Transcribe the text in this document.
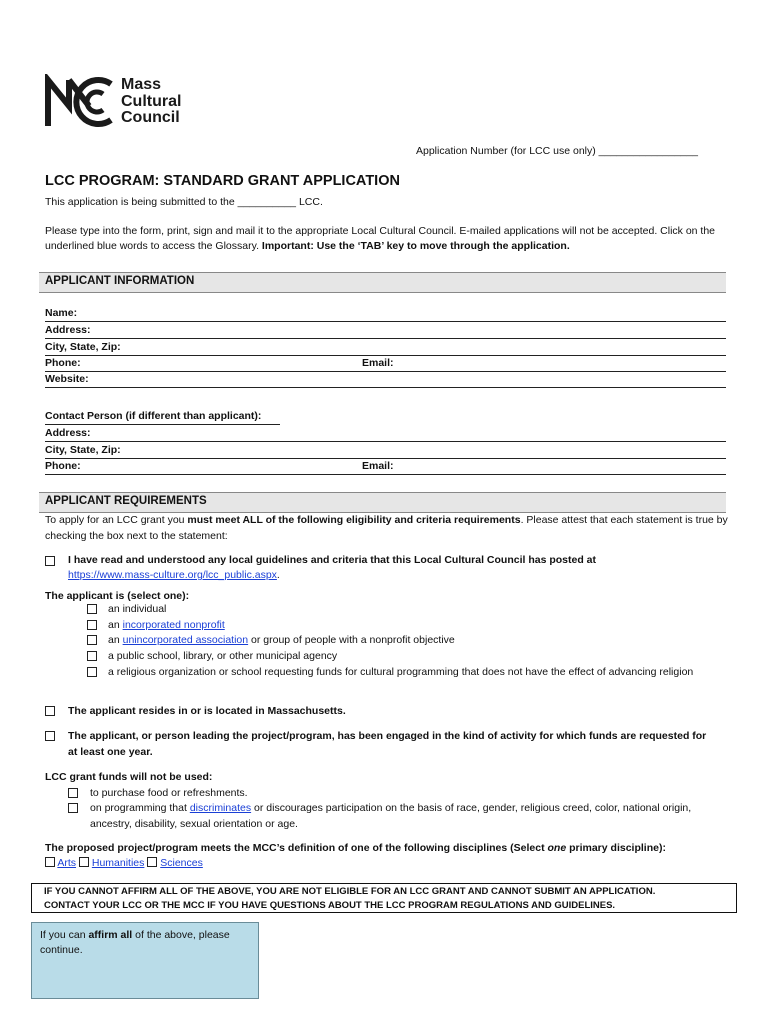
Mass
Cultural
Council
Application Number (for LCC use only) _________________
LCC PROGRAM: STANDARD GRANT APPLICATION
This application is being submitted to the __________ LCC.
Please type into the form, print, sign and mail it to the appropriate Local Cultural Council. E-mailed applications will not be accepted. Click on the underlined blue words to access the Glossary. Important: Use the ‘TAB’ key to move through the application.
APPLICANT INFORMATION
Name:
Address:
City, State, Zip:
Phone:	Email:
Website:
Contact Person (if different than applicant):
Address:
City, State, Zip:
Phone:	Email:
APPLICANT REQUIREMENTS
To apply for an LCC grant you must meet ALL of the following eligibility and criteria requirements. Please attest that each statement is true by checking the box next to the statement:
I have read and understood any local guidelines and criteria that this Local Cultural Council has posted at
https://www.mass-culture.org/lcc_public.aspx.
The applicant is (select one):
an individual
an incorporated nonprofit
an unincorporated association or group of people with a nonprofit objective
a public school, library, or other municipal agency
a religious organization or school requesting funds for cultural programming that does not have the effect of advancing religion
The applicant resides in or is located in Massachusetts.
The applicant, or person leading the project/program, has been engaged in the kind of activity for which funds are requested for at least one year.
LCC grant funds will not be used:
to purchase food or refreshments.
on programming that discriminates or discourages participation on the basis of race, gender, religious creed, color, national origin, ancestry, disability, sexual orientation or age.
The proposed project/program meets the MCC’s definition of one of the following disciplines (Select one primary discipline):
Arts Humanities Sciences
IF YOU CANNOT AFFIRM ALL OF THE ABOVE, YOU ARE NOT ELIGIBLE FOR AN LCC GRANT AND CANNOT SUBMIT AN APPLICATION.
CONTACT YOUR LCC OR THE MCC IF YOU HAVE QUESTIONS ABOUT THE LCC PROGRAM REGULATIONS AND GUIDELINES.
If you can affirm all of the above, please continue.
